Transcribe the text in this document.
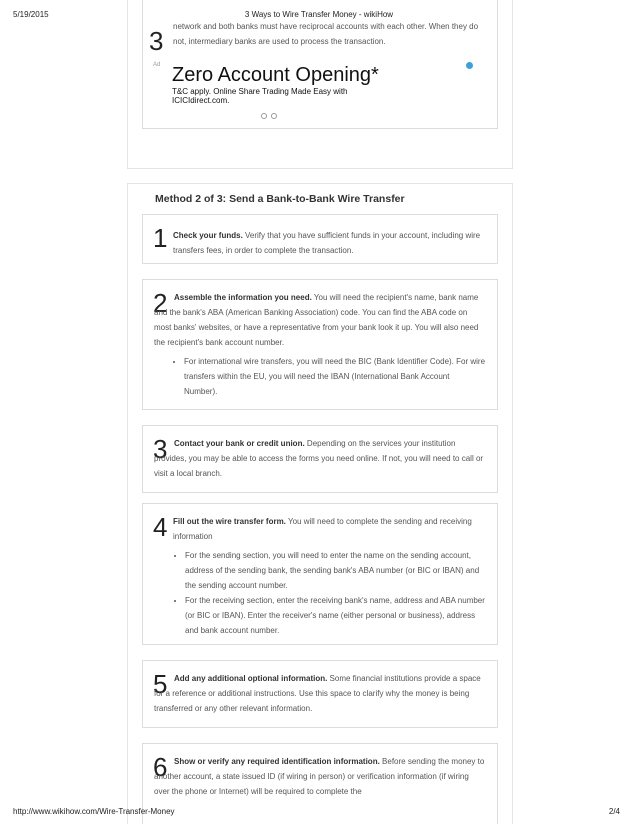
5/19/2015	3 Ways to Wire Transfer Money - wikiHow
3 network and both banks must have reciprocal accounts with each other. When they do not, intermediary banks are used to process the transaction.
Ad Zero Account Opening*
T&C apply. Online Share Trading Made Easy with ICICIdirect.com.
Method 2 of 3: Send a Bank-to-Bank Wire Transfer
1 Check your funds. Verify that you have sufficient funds in your account, including wire transfers fees, in order to complete the transaction.
2 Assemble the information you need. You will need the recipient's name, bank name and the bank's ABA (American Banking Association) code. You can find the ABA code on most banks' websites, or have a representative from your bank look it up. You will also need the recipient's bank account number.
• For international wire transfers, you will need the BIC (Bank Identifier Code). For wire transfers within the EU, you will need the IBAN (International Bank Account Number).
3 Contact your bank or credit union. Depending on the services your institution provides, you may be able to access the forms you need online. If not, you will need to call or visit a local branch.
4 Fill out the wire transfer form. You will need to complete the sending and receiving information
• For the sending section, you will need to enter the name on the sending account, address of the sending bank, the sending bank's ABA number (or BIC or IBAN) and the sending account number.
• For the receiving section, enter the receiving bank's name, address and ABA number (or BIC or IBAN). Enter the receiver's name (either personal or business), address and bank account number.
5 Add any additional optional information. Some financial institutions provide a space for a reference or additional instructions. Use this space to clarify why the money is being transferred or any other relevant information.
6 Show or verify any required identification information. Before sending the money to another account, a state issued ID (if wiring in person) or verification information (if wiring over the phone or Internet) will be required to complete the
http://www.wikihow.com/Wire-Transfer-Money	2/4
